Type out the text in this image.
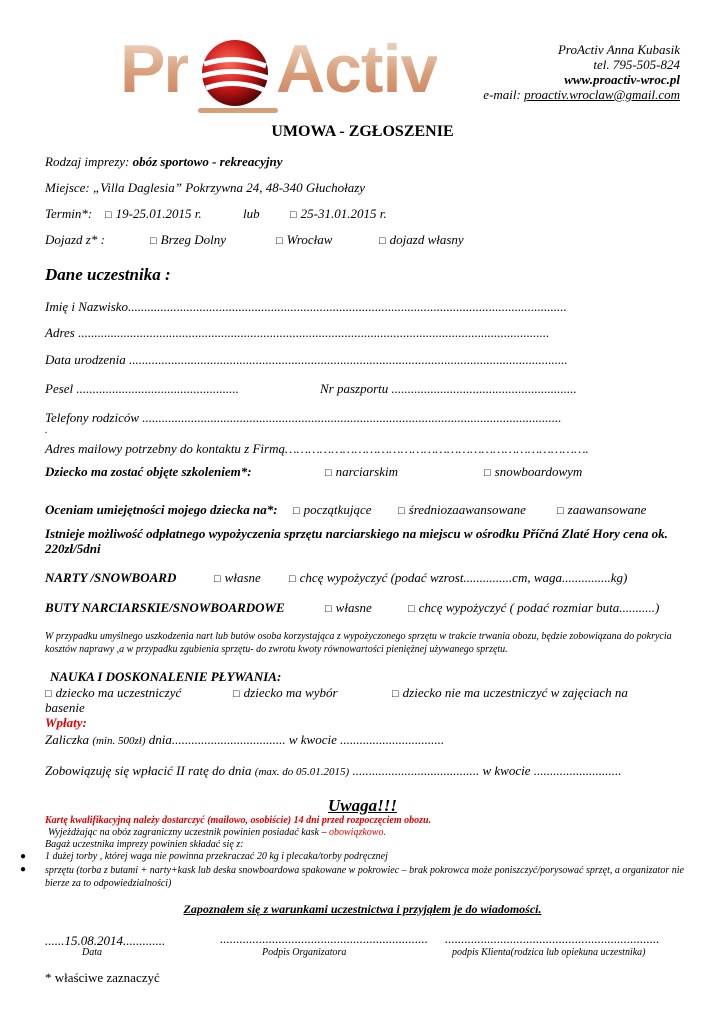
Pr Activ	ProActiv Anna Kubasik
tel. 795-505-824
www.proactiv-wroc.pl
e-mail: proactiv.wroclaw@gmail.com
UMOWA - ZGŁOSZENIE
Rodzaj imprezy: obóz sportowo - rekreacyjny
Miejsce: „Villa Daglesia” Pokrzywna 24, 48-340 Głuchołazy
Termin*:	□ 19-25.01.2015 r.	lub	□ 25-31.01.2015 r.
Dojazd z* :	□ Brzeg Dolny	□ Wrocław	□ dojazd własny
Dane uczestnika :
Imię i Nazwisko.......................................................................................................................................
Adres .................................................................................................................................................
Data urodzenia .......................................................................................................................................
Pesel ..................................................	Nr paszportu .........................................................
Telefony rodziców .................................................................................................................................
.
Adres mailowy potrzebny do kontaktu z Firmą…………………………………………………………………….
Dziecko ma zostać objęte szkoleniem*:	□ narciarskim	□ snowboardowym
Oceniam umiejętności mojego dziecka na*:	□ początkujące	□ średniozaawansowane	□ zaawansowane
Istnieje możliwość odpłatnego wypożyczenia sprzętu narciarskiego na miejscu w ośrodku Příčná Zlaté Hory cena ok. 220zł/5dni
NARTY /SNOWBOARD	□ własne	□ chcę wypożyczyć (podać wzrost...............cm, waga...............kg)
BUTY NARCIARSKIE/SNOWBOARDOWE	□ własne	□ chcę wypożyczyć ( podać rozmiar buta...........)
W przypadku umyślnego uszkodzenia nart lub butów osoba korzystająca z wypożyczonego sprzętu w trakcie trwania obozu, będzie zobowiązana do pokrycia kosztów naprawy ,a w przypadku zgubienia sprzętu- do zwrotu kwoty równowartości pieniężnej używanego sprzętu.
NAUKA I DOSKONALENIE PŁYWANIA:
□ dziecko ma uczestniczyć	□ dziecko ma wybór	□ dziecko nie ma uczestniczyć w zajęciach na
basenie
Wpłaty:
Zaliczka (min. 500zł) dnia................................... w kwocie ................................
Zobowiązuję się wpłacić II ratę do dnia (max. do 05.01.2015) ....................................... w kwocie ...........................
Uwaga!!!
Kartę kwalifikacyjną należy dostarczyć (mailowo, osobiście) 14 dni przed rozpoczęciem obozu.
Wyjeżdżając na obóz zagraniczny uczestnik powinien posiadać kask – obowiązkowo.
Bagaż uczestnika imprezy powinien składać się z:
● 1 dużej torby , której waga nie powinna przekraczać 20 kg i plecaka/torby podręcznej
● sprzętu (torba z butami + narty+kask lub deska snowboardowa spakowane w pokrowiec – brak pokrowca może poniszczyć/porysować sprzęt, a organizator nie bierze za to odpowiedzialności)
Zapoznałem się z warunkami uczestnictwa i przyjąłem je do wiadomości.
......15.08.2014.............	................................................................ ..................................................................
Data	Podpis Organizatora	podpis Klienta(rodzica lub opiekuna uczestnika)
* właściwe zaznaczyć
